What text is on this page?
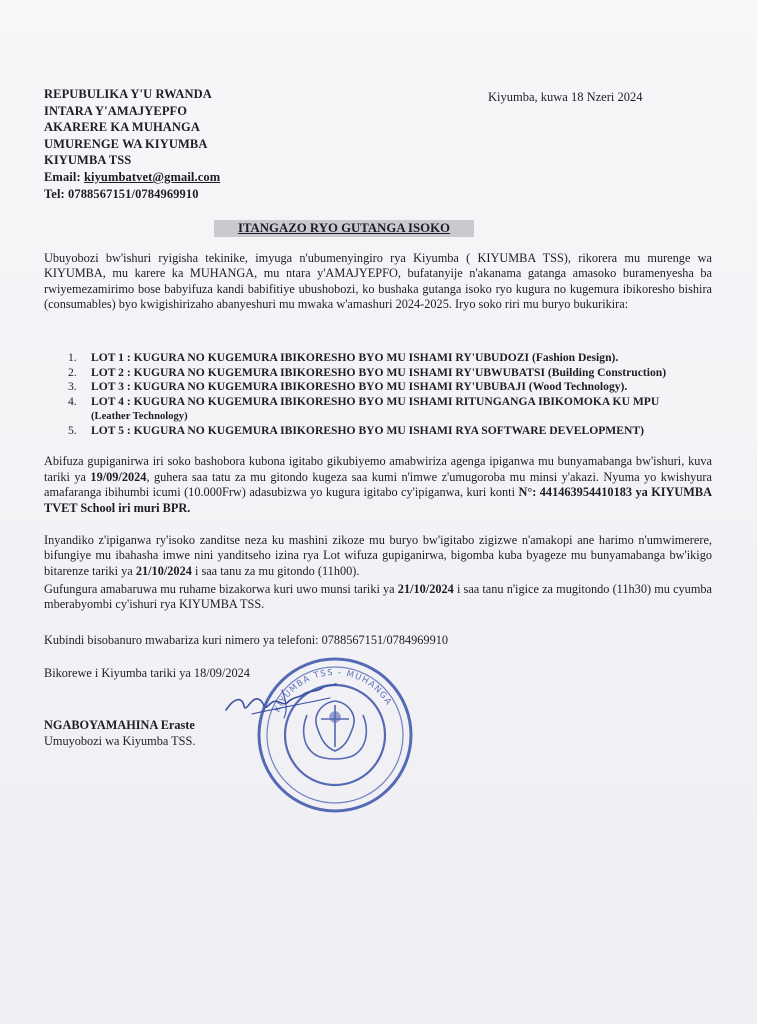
REPUBULIKA Y'U RWANDA
INTARA Y'AMAJYEPFO
AKARERE KA MUHANGA
UMURENGE WA KIYUMBA
KIYUMBA TSS
Email: kiyumbatvet@gmail.com
Tel: 0788567151/0784969910
Kiyumba, kuwa 18 Nzeri 2024
ITANGAZO RYO GUTANGA ISOKO

Ubuyobozi bw'ishuri ryigisha tekinike, imyuga n'ubumenyingiro rya Kiyumba ( KIYUMBA TSS), rikorera mu murenge wa KIYUMBA, mu karere ka MUHANGA, mu ntara y'AMAJYEPFO, bufatanyije n'akanama gatanga amasoko buramenyesha ba rwiyemezamirimo bose babyifuza kandi babifitiye ubushobozi, ko bushaka gutanga isoko ryo kugura no kugemura ibikoresho bishira (consumables) byo kwigishirizaho abanyeshuri mu mwaka w'amashuri 2024-2025. Iryo soko riri mu buryo bukurikira:

1. LOT 1 : KUGURA NO KUGEMURA IBIKORESHO BYO MU ISHAMI RY'UBUDOZI (Fashion Design).
2. LOT 2 : KUGURA NO KUGEMURA IBIKORESHO BYO MU ISHAMI RY'UBWUBATSI (Building Construction)
3. LOT 3 : KUGURA NO KUGEMURA IBIKORESHO BYO MU ISHAMI RY'UBUBAJI (Wood Technology).
4. LOT 4 : KUGURA NO KUGEMURA IBIKORESHO BYO MU ISHAMI RITUNGANGA IBIKOMOKA KU MPU
(Leather Technology)
5. LOT 5 : KUGURA NO KUGEMURA IBIKORESHO BYO MU ISHAMI RYA SOFTWARE DEVELOPMENT)
Abifuza gupiganirwa iri soko bashobora kubona igitabo gikubiyemo amabwiriza agenga ipiganwa mu bunyamabanga bw'ishuri, kuva tariki ya 19/09/2024, guhera saa tatu za mu gitondo kugeza saa kumi n'imwe z'umugoroba mu minsi y'akazi. Nyuma yo kwishyura amafaranga ibihumbi icumi (10.000Frw) adasubizwa yo kugura igitabo cy'ipiganwa, kuri konti N°: 441463954410183 ya KIYUMBA TVET School iri muri BPR.
Inyandiko z'ipiganwa ry'isoko zanditse neza ku mashini zikoze mu buryo bw'igitabo zigizwe n'amakopi ane harimo n'umwimerere, bifungiye mu ibahasha imwe nini yanditseho izina rya Lot wifuza gupiganirwa, bigomba kuba byageze mu bunyamabanga bw'ikigo bitarenze tariki ya 21/10/2024 i saa tanu za mu gitondo (11h00).
Gufungura amabaruwa mu ruhame bizakorwa kuri uwo munsi tariki ya 21/10/2024 i saa tanu n'igice za mugitondo (11h30) mu cyumba mberabyombi cy'ishuri rya KIYUMBA TSS.
Kubindi bisobanuro mwabariza kuri nimero ya telefoni: 0788567151/0784969910
Bikorewe i Kiyumba tariki ya 18/09/2024
NGABOYAMAHINA Eraste
Umuyobozi wa Kiyumba TSS.
KIYUMBA TSS - MUHANGA
